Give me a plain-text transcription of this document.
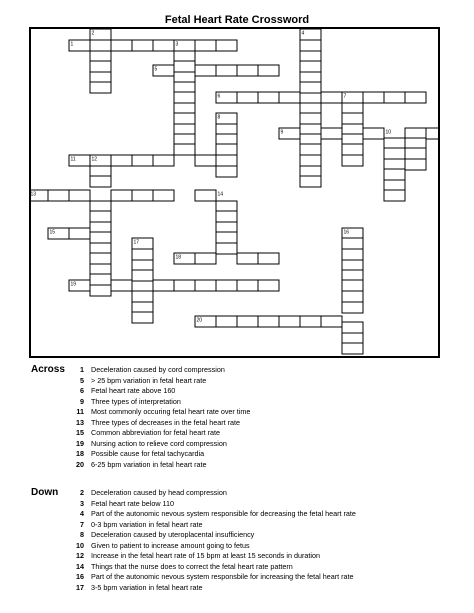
Fetal Heart Rate Crossword
2	4
1	3
5
6	7
8
9	10
11	12
13	14
15	16
17
18
19
20
Across	1 Deceleration caused by cord compression
5 > 25 bpm variation in fetal heart rate
6 Fetal heart rate above 160
9 Three types of interpretation
11 Most commonly occuring fetal heart rate over time
13 Three types of decreases in the fetal heart rate
15 Common abbreviation for fetal heart rate
19 Nursing action to relieve cord compression
18 Possible cause for fetal tachycardia
20 6-25 bpm variation in fetal heart rate
Down	2 Deceleration caused by head compression
3 Fetal heart rate below 110
4 Part of the autonomic nevous system responsible for decreasing the fetal heart rate
7 0-3 bpm variation in fetal heart rate
8 Deceleration caused by uteroplacental insufficiency
10 Given to patient to increase amount going to fetus
12 Increase in the fetal heart rate of 15 bpm at least 15 seconds in duration
14 Things that the nurse does to correct the fetal heart rate pattern
16 Part of the autonomic nevous system responsbile for increasing the fetal heart rate
17 3-5 bpm variation in fetal heart rate
